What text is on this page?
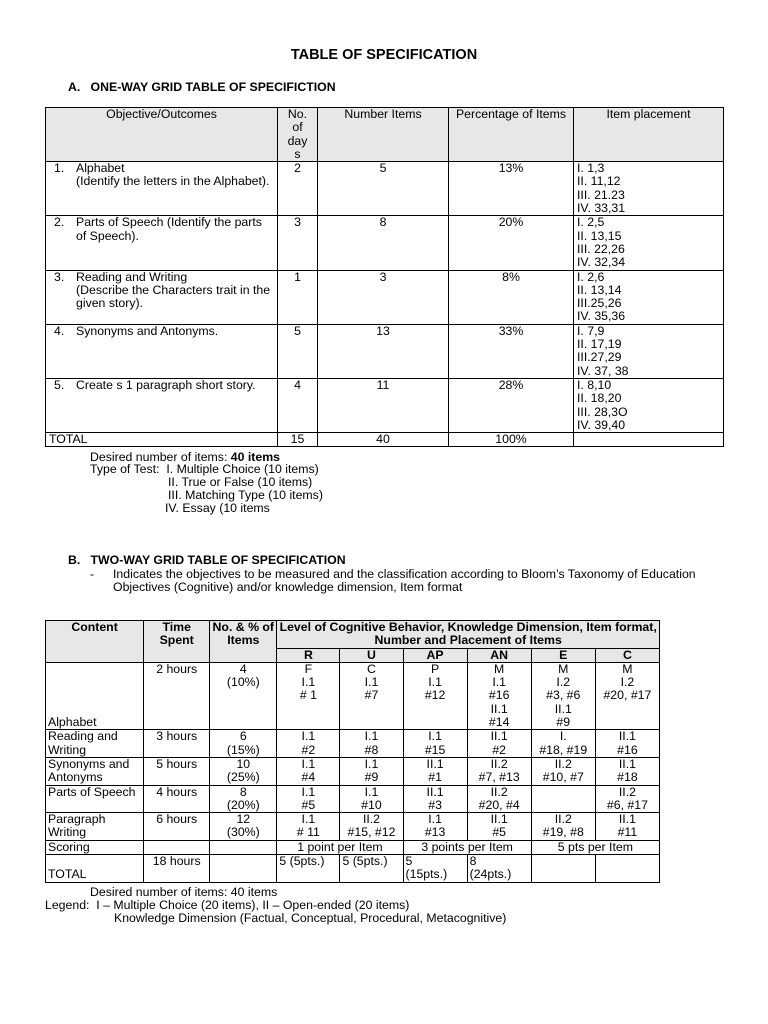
TABLE OF SPECIFICATION
A.   ONE-WAY GRID TABLE OF SPECIFICTION
Objective/Outcomes	No. of day s	Number Items	Percentage of Items	Item placement

1. Alphabet
(Identify the letters in the Alphabet).	2	5	13%	I. 1,3
II. 11,12
III. 21.23
IV. 33,31

2. Parts of Speech (Identify the parts of Speech).	3	8	20%	I. 2,5
II. 13,15
III. 22,26
IV. 32,34

3. Reading and Writing
(Describe the Characters trait in the given story).	1	3	8%	I. 2,6
II. 13,14
III.25,26
IV. 35,36

4. Synonyms and Antonyms.	5	13	33%	I. 7,9
II. 17,19
III.27,29
IV. 37, 38

5. Create s 1 paragraph short story.	4	11	28%	I. 8,10
II. 18,20
III. 28,3O
IV. 39,40
TOTAL	15	40	100%	
Desired number of items: 40 items
Type of Test:  I. Multiple Choice (10 items)
II. True or False (10 items)
III. Matching Type (10 items)
IV. Essay (10 items
B.   TWO-WAY GRID TABLE OF SPECIFICATION
- Indicates the objectives to be measured and the classification according to Bloom’s Taxonomy of Education Objectives (Cognitive) and/or knowledge dimension, Item format
Content	Time Spent	No. & % of Items	Level of Cognitive Behavior, Knowledge Dimension, Item format, Number and Placement of Items					
			R	U	AP	AN	E	C
Alphabet	2 hours	4
(10%)	F
I.1
# 1	C
I.1
#7	P
I.1
#12	M
I.1
#16
II.1
#14	M
I.2
#3, #6
II.1
#9	M
I.2
#20, #17
Reading and Writing	3 hours	6
(15%)	I.1
#2	I.1
#8	I.1
#15	II.1
#2	I.
#18, #19	II.1
#16
Synonyms and Antonyms	5 hours	10
(25%)	I.1
#4	I.1
#9	II.1
#1	II.2
#7, #13	II.2
#10, #7	II.1
#18
Parts of Speech	4 hours	8
(20%)	I.1
#5	I.1
#10	II.1
#3	II.2
#20, #4		II.2
#6, #17
Paragraph Writing	6 hours	12
(30%)	I.1
# 11	II.2
#15, #12	I.1
#13	II.1
#5	II.2
#19, #8	II.1
#11
Scoring			1 point per Item		3 points per Item		5 pts per Item	
TOTAL	18 hours		5 (5pts.)	5 (5pts.)	5
(15pts.)	8
(24pts.)		
Desired number of items: 40 items
Legend:  I – Multiple Choice (20 items), II – Open-ended (20 items)
Knowledge Dimension (Factual, Conceptual, Procedural, Metacognitive)
